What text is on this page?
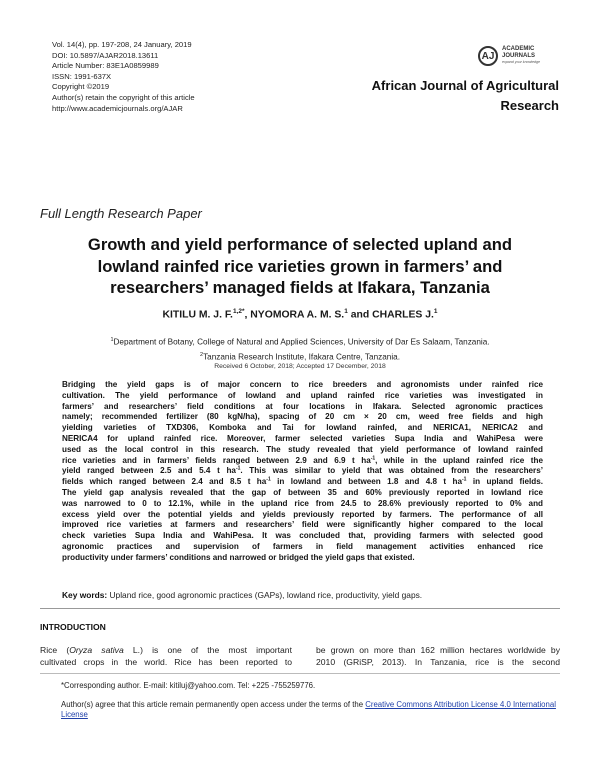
Vol. 14(4), pp. 197-208, 24 January, 2019
DOI: 10.5897/AJAR2018.13611
Article Number: 83E1A0859989
ISSN: 1991-637X
Copyright ©2019
Author(s) retain the copyright of this article
http://www.academicjournals.org/AJAR
AJ
ACADEMIC
JOURNALS
expand your knowledge
African Journal of Agricultural
Research
Full Length Research Paper
Growth and yield performance of selected upland and
lowland rainfed rice varieties grown in farmers’ and
researchers’ managed fields at Ifakara, Tanzania
KITILU M. J. F.$^{1,2*}$, NYOMORA A. M. S.$^1$ and CHARLES J.$^1$
$^1$Department of Botany, College of Natural and Applied Sciences, University of Dar Es Salaam, Tanzania.
$^2$Tanzania Research Institute, Ifakara Centre, Tanzania.
Received 6 October, 2018; Accepted 17 December, 2018
Bridging the yield gaps is of major concern to rice breeders and agronomists under rainfed rice
cultivation. The yield performance of lowland and upland rainfed rice varieties was investigated in
farmers’ and researchers’ field conditions at four locations in Ifakara. Selected agronomic practices
namely; recommended fertilizer (80 kgN/ha), spacing of 20 cm × 20 cm, weed free fields and high
yielding varieties of TXD306, Komboka and Tai for lowland rainfed, and NERICA1, NERICA2 and
NERICA4 for upland rainfed rice. Moreover, farmer selected varieties Supa India and WahiPesa were
used as the local control in this research. The study revealed that yield performance of lowland rainfed
rice varieties and in farmers’ fields ranged between 2.9 and 6.9 t $ha^{-1}$, while in the upland rainfed rice the
yield ranged between 2.5 and 5.4 t $ha^{-1}$. This was similar to yield that was obtained from the researchers’
fields which ranged between 2.4 and 8.5 t $ha^{-1}$ in lowland and between 1.8 and 4.8 t $ha^{-1}$ in upland fields.
The yield gap analysis revealed that the gap of between 35 and 60% previously reported in lowland rice
was narrowed to 0 to 12.1%, while in the upland rice from 24.5 to 28.6% previously reported to 0% and
excess yield over the potential yields and yields previously reported by farmers. The performance of all
improved rice varieties at farmers and researchers’ field were significantly higher compared to the local
check varieties Supa India and WahiPesa. It was concluded that, providing farmers with selected good
agronomic practices and supervision of farmers in field management activities enhanced rice
productivity under farmers’ conditions and narrowed or bridged the yield gaps that existed.
Key words: Upland rice, good agronomic practices (GAPs), lowland rice, productivity, yield gaps.
INTRODUCTION
Rice (Oryza sativa L.) is one of the most important
cultivated crops in the world. Rice has been reported to
be grown on more than 162 million hectares worldwide by
2010 (GRiSP, 2013). In Tanzania, rice is the second
*Corresponding author. E-mail: kitiluj@yahoo.com. Tel: +225 -755259776.
Author(s) agree that this article remain permanently open access under the terms of the Creative Commons Attribution License 4.0 International License
